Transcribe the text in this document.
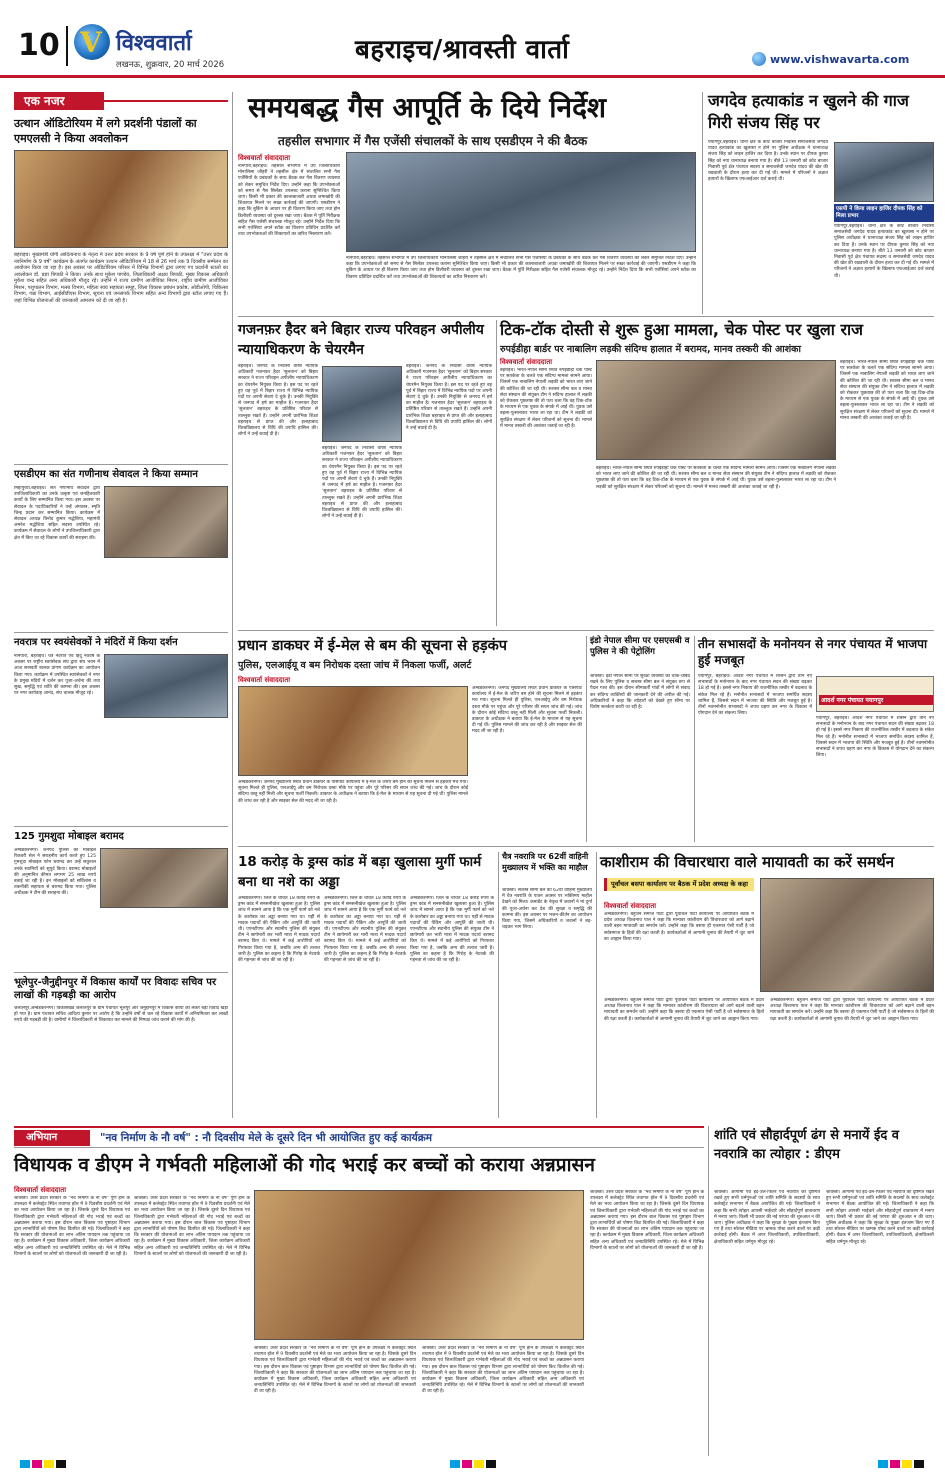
10 V विश्ववार्ता
लखनऊ, शुक्रवार, 20 मार्च 2026	बहराइच/श्रावस्ती वार्ता	www.vishwavarta.com
एक नजर
उत्थान ऑडिटोरियम में लगे प्रदर्शनी पंडालों का एमएलसी ने किया अवलोकन
बहराइच। मुख्यमंत्री योगी आदित्यनाथ के नेतृत्व में उत्तर प्रदेश सरकार के 9 वर्ष पूर्ण होने के उपलक्ष्य में "उत्तर प्रदेश के नवनिर्माण के 9 वर्ष" कार्यक्रम के अंतर्गत कार्यक्रम उत्थान ऑडिटोरियम में 18 से 26 मार्च तक 9 दिवसीय सम्मेलन का आयोजन किया जा रहा है। इस अवसर पर ऑडिटोरियम परिसर में विभिन्न विभागों द्वारा लगाए गए प्रदर्शनी स्टालों का अवलोकन डॉ. प्रज्ञा त्रिपाठी ने किया। उनके साथ मुकेश पाण्डेय, जिलाधिकारी अक्षय त्रिपाठी, मुख्य विकास अधिकारी मुकेश चन्द्र सहित अन्य अधिकारी मौजूद रहे। उन्होंने मे राज्य ग्रामीण आजीविका मिशन, राष्ट्रीय ग्रामीण आजीविका मिशन, पशुपालन विभाग, मत्स्य विभाग, महिला स्वयं सहायता समूह, जिला विकास प्रबंधन प्रकोष्ठ, ओडीओपी, चिकित्सा विभाग, गन्ना विभाग, आईसीडीएस विभाग, सूचना एवं जनसंपर्क विभाग सहित अन्य विभागों द्वारा स्टॉल लगाए गए हैं। जहां विभिन्न योजनाओं की जानकारी आमजन को दी जा रही है।
एसडीएम का संत गणीनाथ सेवादल ने किया सम्मान
मिहीपुरवा,बहराइच। संत गणीनाथ सेवादल द्वारा उपजिलाधिकारी का उनके उत्कृष्ट एवं जनहितकारी कार्यों के लिए सम्मानित किया गया। इस अवसर पर सेवादल के पदाधिकारियों ने उन्हें अंगवस्त्र, स्मृति चिन्ह प्रदान कर सम्मानित किया। कार्यक्रम में सेवादल अध्यक्ष विनोद कुमार मद्धेशिया, महामंत्री अमरेश मद्धेशिया सहित सदस्य उपस्थित रहे। कार्यक्रम में सेवादल के लोगों ने उपजिलाधिकारी द्वारा क्षेत्र में किए जा रहे विकास कार्यों की सराहना की।
नवरात्र पर स्वयंसेवकों ने मंदिरों में किया दर्शन
नानपारा, बहराइच। चैत्र नवरात्र एवं हिंदू नववर्ष के अवसर पर राष्ट्रीय स्वयंसेवक संघ द्वारा संघ भवन में आज सरस्वती बालक प्रांगण कार्यक्रम का आयोजन किया गया। कार्यक्रम में उपस्थित स्वयंसेवकों ने नगर के प्रमुख मंदिरों में दर्शन कर पूजा-अर्चना की तथा सुख, समृद्धि एवं शांति की कामना की। इस अवसर पर नगर कार्यवाह आनंद, संघ चालक मौजूद रहे।
125 गुमशुदा मोबाइल बरामद
अम्बेडकरनगर। जनपद पुलिस की मोबाइल रिकवरी सेल ने सराहनीय कार्य करते हुए 125 गुमशुदा मोबाइल फोन बरामद कर उन्हें सकुशल उनके स्वामियों को सुपुर्द किया। बरामद मोबाइलों की अनुमानित कीमत लगभग 25 लाख रुपये बताई जा रही है। इन मोबाइलों को सर्विलांस व तकनीकी सहायता से बरामद किया गया। पुलिस अधीक्षक ने टीम की सराहना की।
भूलेपुर-जैनुद्दीनपुर में विकास कार्यों पर विवादः सचिव पर लाखों की गड़बड़ी का आरोप
जलालपुर,अम्बेडकरनगर। विकासखंड जलालपुर के ग्राम पंचायत भूलेपुर और जैनुद्दीनपुर में विकास कार्यों को लेकर बड़ा विवाद खड़ा हो गया है। ग्राम पंचायत सचिव आदित्य कुमार पर आरोप है कि उन्होंने वर्षों से चल रहे विकास कार्यों में अनियमितता कर लाखों रुपये की गड़बड़ी की है। ग्रामीणों ने जिलाधिकारी से शिकायत कर मामले की निष्पक्ष जांच कराने की मांग की है।
समयबद्ध गैस आपूर्ति के दिये निर्देश
तहसील सभागार में गैस एजेंसी संचालकों के साथ एसडीएम ने की बैठक
विश्ववार्ता संवाददाता
नानपारा,बहराइच। तहसील सभागार में उप जिलाधिकारी मोनालिसा जौहरी ने तहसील क्षेत्र में संचालित सभी गैस एजेंसियों के प्रबंधकों के साथ बैठक कर गैस वितरण व्यवस्था को लेकर समुचित निर्देश दिए। उन्होंने कहा कि उपभोक्ताओं को समय से गैस सिलेंडर उपलब्ध कराना सुनिश्चित किया जाए। किसी भी प्रकार की कालाबाजारी अथवा जमाखोरी की शिकायत मिलने पर सख्त कार्रवाई की जाएगी। एसडीएम ने कहा कि बुकिंग के आधार पर ही वितरण किया जाए तथा होम डिलीवरी व्यवस्था को दुरुस्त रखा जाए। बैठक में पूर्ति निरीक्षक सहित गैस एजेंसी संचालक मौजूद रहे। उन्होंने निर्देश दिया कि सभी एजेंसियां अपने स्टॉक का विवरण प्रतिदिन प्रदर्शित करें तथा उपभोक्ताओं की शिकायतों का त्वरित निस्तारण करें।
नानपारा,बहराइच। तहसील सभागार में उप जिलाधिकारी मोनालिसा जौहरी ने तहसील क्षेत्र में संचालित सभी गैस एजेंसियों के प्रबंधकों के साथ बैठक कर गैस वितरण व्यवस्था को लेकर समुचित निर्देश दिए। उन्होंने कहा कि उपभोक्ताओं को समय से गैस सिलेंडर उपलब्ध कराना सुनिश्चित किया जाए। किसी भी प्रकार की कालाबाजारी अथवा जमाखोरी की शिकायत मिलने पर सख्त कार्रवाई की जाएगी। एसडीएम ने कहा कि बुकिंग के आधार पर ही वितरण किया जाए तथा होम डिलीवरी व्यवस्था को दुरुस्त रखा जाए। बैठक में पूर्ति निरीक्षक सहित गैस एजेंसी संचालक मौजूद रहे। उन्होंने निर्देश दिया कि सभी एजेंसियां अपने स्टॉक का विवरण प्रतिदिन प्रदर्शित करें तथा उपभोक्ताओं की शिकायतों का त्वरित निस्तारण करें।
जगदेव हत्याकांड न खुलने की गाज गिरी संजय सिंह पर
पयागपुर,बहराइच। थाना क्षेत्र के कोट बाजार निवासी समाजसेवी जगदेव यादव हत्याकांड का खुलासा न होने पर पुलिस अधीक्षक ने थानाध्यक्ष संजय सिंह को लाइन हाजिर कर दिया है। उनके स्थान पर दीपक कुमार सिंह को नया थानाध्यक्ष बनाया गया है। बीते 13 जनवरी को कोट बाजार निवासी पूर्व क्षेत्र पंचायत सदस्य व समाजसेवी जगदेव यादव की खेत की रखवाली के दौरान हत्या कर दी गई थी। मामले में परिजनों ने अज्ञात हत्यारों के खिलाफ एफआईआर दर्ज कराई थी।
एसपी ने किया लाइन हाजिर दीपक सिंह को मिला प्रभार
पयागपुर,बहराइच। थाना क्षेत्र के कोट बाजार निवासी समाजसेवी जगदेव यादव हत्याकांड का खुलासा न होने पर पुलिस अधीक्षक ने थानाध्यक्ष संजय सिंह को लाइन हाजिर कर दिया है। उनके स्थान पर दीपक कुमार सिंह को नया थानाध्यक्ष बनाया गया है। बीते 13 जनवरी को कोट बाजार निवासी पूर्व क्षेत्र पंचायत सदस्य व समाजसेवी जगदेव यादव की खेत की रखवाली के दौरान हत्या कर दी गई थी। मामले में परिजनों ने अज्ञात हत्यारों के खिलाफ एफआईआर दर्ज कराई थी।
गजनफ़र हैदर बने बिहार राज्य परिवहन अपीलीय न्यायाधिकरण के चेयरमैन
बहराइच। जनपद के निवासी वरिष्ठ न्यायिक अधिकारी गजनफ़र हैदर 'सुलतान' को बिहार सरकार ने राज्य परिवहन अपीलीय न्यायाधिकरण का चेयरमैन नियुक्त किया है। इस पद पर रहते हुए वह पूर्व में बिहार राज्य में विभिन्न न्यायिक पदों पर अपनी सेवाएं दे चुके हैं। उनकी नियुक्ति से जनपद में हर्ष का माहौल है। गजनफ़र हैदर 'सुलतान' बहराइच के प्रतिष्ठित परिवार से ताल्लुक रखते हैं। उन्होंने अपनी प्रारंभिक शिक्षा बहराइच से प्राप्त की और इलाहाबाद विश्वविद्यालय से विधि की उपाधि हासिल की। लोगों ने उन्हें बधाई दी है।
बहराइच। जनपद के निवासी वरिष्ठ न्यायिक अधिकारी गजनफ़र हैदर 'सुलतान' को बिहार सरकार ने राज्य परिवहन अपीलीय न्यायाधिकरण का चेयरमैन नियुक्त किया है। इस पद पर रहते हुए वह पूर्व में बिहार राज्य में विभिन्न न्यायिक पदों पर अपनी सेवाएं दे चुके हैं। उनकी नियुक्ति से जनपद में हर्ष का माहौल है। गजनफ़र हैदर 'सुलतान' बहराइच के प्रतिष्ठित परिवार से ताल्लुक रखते हैं। उन्होंने अपनी प्रारंभिक शिक्षा बहराइच से प्राप्त की और इलाहाबाद विश्वविद्यालय से विधि की उपाधि हासिल की। लोगों ने उन्हें बधाई दी है।
बहराइच। जनपद के निवासी वरिष्ठ न्यायिक अधिकारी गजनफ़र हैदर 'सुलतान' को बिहार सरकार ने राज्य परिवहन अपीलीय न्यायाधिकरण का चेयरमैन नियुक्त किया है। इस पद पर रहते हुए वह पूर्व में बिहार राज्य में विभिन्न न्यायिक पदों पर अपनी सेवाएं दे चुके हैं। उनकी नियुक्ति से जनपद में हर्ष का माहौल है। गजनफ़र हैदर 'सुलतान' बहराइच के प्रतिष्ठित परिवार से ताल्लुक रखते हैं। उन्होंने अपनी प्रारंभिक शिक्षा बहराइच से प्राप्त की और इलाहाबाद विश्वविद्यालय से विधि की उपाधि हासिल की। लोगों ने उन्हें बधाई दी है।
टिक-टॉक दोस्ती से शुरू हुआ मामला, चेक पोस्ट पर खुला राज
रुपईडीहा बार्डर पर नाबालिग लड़की संदिग्ध हालात में बरामद, मानव तस्करी की आशंका
विश्ववार्ता संवाददाता
बहराइच। भारत-नेपाल सीमा स्थित रुपईडीहा चेक पोस्ट पर सतर्कता के चलते एक संदिग्ध मामला सामने आया। जिसमें एक नाबालिग नेपाली लड़की को भारत लाए जाने की कोशिश की जा रही थी। सशस्त्र सीमा बल व मानव सेवा संस्थान की संयुक्त टीम ने संदिग्ध हालात में लड़की को रोककर पूछताछ की तो पता चला कि वह टिक-टॉक के माध्यम से एक युवक के संपर्क में आई थी। युवक उसे बहला-फुसलाकर भारत ला रहा था। टीम ने लड़की को सुरक्षित संरक्षण में लेकर परिजनों को सूचना दी। मामले में मानव तस्करी की आशंका जताई जा रही है।
बहराइच। भारत-नेपाल सीमा स्थित रुपईडीहा चेक पोस्ट पर सतर्कता के चलते एक संदिग्ध मामला सामने आया। जिसमें एक नाबालिग नेपाली लड़की को भारत लाए जाने की कोशिश की जा रही थी। सशस्त्र सीमा बल व मानव सेवा संस्थान की संयुक्त टीम ने संदिग्ध हालात में लड़की को रोककर पूछताछ की तो पता चला कि वह टिक-टॉक के माध्यम से एक युवक के संपर्क में आई थी। युवक उसे बहला-फुसलाकर भारत ला रहा था। टीम ने लड़की को सुरक्षित संरक्षण में लेकर परिजनों को सूचना दी। मामले में मानव तस्करी की आशंका जताई जा रही है।
बहराइच। भारत-नेपाल सीमा स्थित रुपईडीहा चेक पोस्ट पर सतर्कता के चलते एक संदिग्ध मामला सामने आया। जिसमें एक नाबालिग नेपाली लड़की को भारत लाए जाने की कोशिश की जा रही थी। सशस्त्र सीमा बल व मानव सेवा संस्थान की संयुक्त टीम ने संदिग्ध हालात में लड़की को रोककर पूछताछ की तो पता चला कि वह टिक-टॉक के माध्यम से एक युवक के संपर्क में आई थी। युवक उसे बहला-फुसलाकर भारत ला रहा था। टीम ने लड़की को सुरक्षित संरक्षण में लेकर परिजनों को सूचना दी। मामले में मानव तस्करी की आशंका जताई जा रही है।
प्रधान डाकघर में ई-मेल से बम की सूचना से हड़कंप
पुलिस, एलआईयू व बम निरोधक दस्ता जांच में निकला फर्जी, अलर्ट
विश्ववार्ता संवाददाता
अम्बेडकरनगर। जनपद मुख्यालय स्थित प्रधान डाकघर के पासपोर्ट कार्यालय में ई-मेल के जरिए बम होने की सूचना मिलने से हड़कंप मच गया। सूचना मिलते ही पुलिस, एलआईयू और बम निरोधक दस्ता मौके पर पहुंचा और पूरे परिसर की सघन जांच की गई। जांच के दौरान कोई संदिग्ध वस्तु नहीं मिली और सूचना फर्जी निकली। डाकघर के अधीक्षक ने बताया कि ई-मेल के माध्यम से यह सूचना दी गई थी। पुलिस मामले की जांच कर रही है और साइबर सेल की मदद ली जा रही है।
अम्बेडकरनगर। जनपद मुख्यालय स्थित प्रधान डाकघर के पासपोर्ट कार्यालय में ई-मेल के जरिए बम होने की सूचना मिलने से हड़कंप मच गया। सूचना मिलते ही पुलिस, एलआईयू और बम निरोधक दस्ता मौके पर पहुंचा और पूरे परिसर की सघन जांच की गई। जांच के दौरान कोई संदिग्ध वस्तु नहीं मिली और सूचना फर्जी निकली। डाकघर के अधीक्षक ने बताया कि ई-मेल के माध्यम से यह सूचना दी गई थी। पुलिस मामले की जांच कर रही है और साइबर सेल की मदद ली जा रही है।
इंडो नेपाल सीमा पर एसएसबी व पुलिस ने की पेट्रोलिंग
श्रावस्ती। इंडो नेपाल सीमा पर सुरक्षा व्यवस्था को चाक-चौबंद रखने के लिए पुलिस व सशस्त्र सीमा बल ने संयुक्त रूप से पैदल गश्त की। इस दौरान सीमावर्ती गांवों में लोगों से संवाद कर संदिग्ध व्यक्तियों की जानकारी देने की अपील की गई। अधिकारियों ने कहा कि त्योहारों को देखते हुए सीमा पर विशेष सतर्कता बरती जा रही है।
तीन सभासदों के मनोनयन से नगर पंचायत में भाजपा हुई मजबूत
पयागपुर, बहराइच। आदर्श नगर पंचायत में शासन द्वारा तीन नए सभासदों के मनोनयन के बाद नगर पंचायत सदन की संख्या बढ़कर 18 हो गई है। इससे नगर निकाय की राजनीतिक तस्वीर में बदलाव के संकेत मिल रहे हैं। मनोनीत सभासदों में भाजपा समर्थित सदस्य शामिल हैं, जिससे सदन में भाजपा की स्थिति और मजबूत हुई है। तीनों नवमनोनीत सभासदों ने शपथ ग्रहण कर नगर के विकास में योगदान देने का संकल्प लिया।
आदर्श नगर पंचायत पयागपुर
पयागपुर, बहराइच। आदर्श नगर पंचायत में शासन द्वारा तीन नए सभासदों के मनोनयन के बाद नगर पंचायत सदन की संख्या बढ़कर 18 हो गई है। इससे नगर निकाय की राजनीतिक तस्वीर में बदलाव के संकेत मिल रहे हैं। मनोनीत सभासदों में भाजपा समर्थित सदस्य शामिल हैं, जिससे सदन में भाजपा की स्थिति और मजबूत हुई है। तीनों नवमनोनीत सभासदों ने शपथ ग्रहण कर नगर के विकास में योगदान देने का संकल्प लिया।
18 करोड़ के ड्रग्स कांड में बड़ा खुलासा मुर्गी फार्म बना था नशे का अड्डा
अम्बेडकरनगर। जिले के चर्चित 18 करोड़ रुपये के ड्रग्स कांड में सनसनीखेज खुलासा हुआ है। पुलिस जांच में सामने आया है कि एक मुर्गी फार्म को नशे के कारोबार का अड्डा बनाया गया था। यहीं से मादक पदार्थों की पैकिंग और आपूर्ति की जाती थी। एएनटीएफ और स्थानीय पुलिस की संयुक्त टीम ने छापेमारी कर भारी मात्रा में मादक पदार्थ बरामद किए थे। मामले में कई आरोपियों को गिरफ्तार किया गया है, जबकि अन्य की तलाश जारी है। पुलिस का कहना है कि गिरोह के नेटवर्क की गहनता से जांच की जा रही है।
अम्बेडकरनगर। जिले के चर्चित 18 करोड़ रुपये के ड्रग्स कांड में सनसनीखेज खुलासा हुआ है। पुलिस जांच में सामने आया है कि एक मुर्गी फार्म को नशे के कारोबार का अड्डा बनाया गया था। यहीं से मादक पदार्थों की पैकिंग और आपूर्ति की जाती थी। एएनटीएफ और स्थानीय पुलिस की संयुक्त टीम ने छापेमारी कर भारी मात्रा में मादक पदार्थ बरामद किए थे। मामले में कई आरोपियों को गिरफ्तार किया गया है, जबकि अन्य की तलाश जारी है। पुलिस का कहना है कि गिरोह के नेटवर्क की गहनता से जांच की जा रही है।
अम्बेडकरनगर। जिले के चर्चित 18 करोड़ रुपये के ड्रग्स कांड में सनसनीखेज खुलासा हुआ है। पुलिस जांच में सामने आया है कि एक मुर्गी फार्म को नशे के कारोबार का अड्डा बनाया गया था। यहीं से मादक पदार्थों की पैकिंग और आपूर्ति की जाती थी। एएनटीएफ और स्थानीय पुलिस की संयुक्त टीम ने छापेमारी कर भारी मात्रा में मादक पदार्थ बरामद किए थे। मामले में कई आरोपियों को गिरफ्तार किया गया है, जबकि अन्य की तलाश जारी है। पुलिस का कहना है कि गिरोह के नेटवर्क की गहनता से जांच की जा रही है।
चैत्र नवरात्रि पर 62वीं वाहिनी मुख्यालय में भक्ति का माहौल
श्रावस्ती। सशस्त्र सीमा बल की 62वीं वाहिनी मुख्यालय में चैत्र नवरात्रि के पावन अवसर पर भक्तिमय माहौल देखने को मिला। कमांडेंट के नेतृत्व में जवानों ने मां दुर्गा की पूजा-अर्चना कर देश की सुरक्षा व समृद्धि की कामना की। इस अवसर पर भजन-कीर्तन का आयोजन किया गया, जिसमें अधिकारियों व जवानों ने बढ़-चढ़कर भाग लिया।
काशीराम की विचारधारा वाले मायावती का करें समर्थन
पूर्वांचल बसपा कार्यालय पर बैठक में प्रदेश अध्यक्ष के कहा
विश्ववार्ता संवाददाता
अम्बेडकरनगर। बहुजन समाज पार्टी द्वारा पूर्वांचल पार्टी कार्यालय पर आयोजित बैठक में प्रदेश अध्यक्ष विश्वनाथ पाल ने कहा कि मान्यवर कांशीराम की विचारधारा को आगे बढ़ाने वाली बहन मायावती का समर्थन करें। उन्होंने कहा कि बसपा ही एकमात्र ऐसी पार्टी है जो सर्वसमाज के हितों की रक्षा करती है। कार्यकर्ताओं से आगामी चुनाव की तैयारी में जुट जाने का आह्वान किया गया।
अम्बेडकरनगर। बहुजन समाज पार्टी द्वारा पूर्वांचल पार्टी कार्यालय पर आयोजित बैठक में प्रदेश अध्यक्ष विश्वनाथ पाल ने कहा कि मान्यवर कांशीराम की विचारधारा को आगे बढ़ाने वाली बहन मायावती का समर्थन करें। उन्होंने कहा कि बसपा ही एकमात्र ऐसी पार्टी है जो सर्वसमाज के हितों की रक्षा करती है। कार्यकर्ताओं से आगामी चुनाव की तैयारी में जुट जाने का आह्वान किया गया।
अम्बेडकरनगर। बहुजन समाज पार्टी द्वारा पूर्वांचल पार्टी कार्यालय पर आयोजित बैठक में प्रदेश अध्यक्ष विश्वनाथ पाल ने कहा कि मान्यवर कांशीराम की विचारधारा को आगे बढ़ाने वाली बहन मायावती का समर्थन करें। उन्होंने कहा कि बसपा ही एकमात्र ऐसी पार्टी है जो सर्वसमाज के हितों की रक्षा करती है। कार्यकर्ताओं से आगामी चुनाव की तैयारी में जुट जाने का आह्वान किया गया।
अभियान	"नव निर्माण के नौ वर्ष" : नौ दिवसीय मेले के दूसरे दिन भी आयोजित हुए कई कार्यक्रम
विधायक व डीएम ने गर्भवती महिलाओं की गोद भराई कर बच्चों को कराया अन्नप्रासन
विश्ववार्ता संवाददाता
श्रावस्ती। उत्तर प्रदेश सरकार के "नव निर्माण के नौ वर्ष" पूर्ण होने के उपलक्ष्य में कलेक्ट्रेट स्थित तथागत हॉल में 9 दिवसीय प्रदर्शनी एवं मेले का भव्य आयोजन किया जा रहा है। जिसके दूसरे दिन विधायक एवं जिलाधिकारी द्वारा गर्भवती महिलाओं की गोद भराई एवं बच्चों का अन्नप्रासन कराया गया। इस दौरान बाल विकास एवं पुष्टाहार विभाग द्वारा लाभार्थियों को पोषण किट वितरित की गई। जिलाधिकारी ने कहा कि सरकार की योजनाओं का लाभ अंतिम पायदान तक पहुंचाया जा रहा है। कार्यक्रम में मुख्य विकास अधिकारी, जिला कार्यक्रम अधिकारी सहित अन्य अधिकारी एवं जनप्रतिनिधि उपस्थित रहे। मेले में विभिन्न विभागों के स्टालों पर लोगों को योजनाओं की जानकारी दी जा रही है।
श्रावस्ती। उत्तर प्रदेश सरकार के "नव निर्माण के नौ वर्ष" पूर्ण होने के उपलक्ष्य में कलेक्ट्रेट स्थित तथागत हॉल में 9 दिवसीय प्रदर्शनी एवं मेले का भव्य आयोजन किया जा रहा है। जिसके दूसरे दिन विधायक एवं जिलाधिकारी द्वारा गर्भवती महिलाओं की गोद भराई एवं बच्चों का अन्नप्रासन कराया गया। इस दौरान बाल विकास एवं पुष्टाहार विभाग द्वारा लाभार्थियों को पोषण किट वितरित की गई। जिलाधिकारी ने कहा कि सरकार की योजनाओं का लाभ अंतिम पायदान तक पहुंचाया जा रहा है। कार्यक्रम में मुख्य विकास अधिकारी, जिला कार्यक्रम अधिकारी सहित अन्य अधिकारी एवं जनप्रतिनिधि उपस्थित रहे। मेले में विभिन्न विभागों के स्टालों पर लोगों को योजनाओं की जानकारी दी जा रही है।
श्रावस्ती। उत्तर प्रदेश सरकार के "नव निर्माण के नौ वर्ष" पूर्ण होने के उपलक्ष्य में कलेक्ट्रेट स्थित तथागत हॉल में 9 दिवसीय प्रदर्शनी एवं मेले का भव्य आयोजन किया जा रहा है। जिसके दूसरे दिन विधायक एवं जिलाधिकारी द्वारा गर्भवती महिलाओं की गोद भराई एवं बच्चों का अन्नप्रासन कराया गया। इस दौरान बाल विकास एवं पुष्टाहार विभाग द्वारा लाभार्थियों को पोषण किट वितरित की गई। जिलाधिकारी ने कहा कि सरकार की योजनाओं का लाभ अंतिम पायदान तक पहुंचाया जा रहा है। कार्यक्रम में मुख्य विकास अधिकारी, जिला कार्यक्रम अधिकारी सहित अन्य अधिकारी एवं जनप्रतिनिधि उपस्थित रहे। मेले में विभिन्न विभागों के स्टालों पर लोगों को योजनाओं की जानकारी दी जा रही है।
श्रावस्ती। उत्तर प्रदेश सरकार के "नव निर्माण के नौ वर्ष" पूर्ण होने के उपलक्ष्य में कलेक्ट्रेट स्थित तथागत हॉल में 9 दिवसीय प्रदर्शनी एवं मेले का भव्य आयोजन किया जा रहा है। जिसके दूसरे दिन विधायक एवं जिलाधिकारी द्वारा गर्भवती महिलाओं की गोद भराई एवं बच्चों का अन्नप्रासन कराया गया। इस दौरान बाल विकास एवं पुष्टाहार विभाग द्वारा लाभार्थियों को पोषण किट वितरित की गई। जिलाधिकारी ने कहा कि सरकार की योजनाओं का लाभ अंतिम पायदान तक पहुंचाया जा रहा है। कार्यक्रम में मुख्य विकास अधिकारी, जिला कार्यक्रम अधिकारी सहित अन्य अधिकारी एवं जनप्रतिनिधि उपस्थित रहे। मेले में विभिन्न विभागों के स्टालों पर लोगों को योजनाओं की जानकारी दी जा रही है।
श्रावस्ती। उत्तर प्रदेश सरकार के "नव निर्माण के नौ वर्ष" पूर्ण होने के उपलक्ष्य में कलेक्ट्रेट स्थित तथागत हॉल में 9 दिवसीय प्रदर्शनी एवं मेले का भव्य आयोजन किया जा रहा है। जिसके दूसरे दिन विधायक एवं जिलाधिकारी द्वारा गर्भवती महिलाओं की गोद भराई एवं बच्चों का अन्नप्रासन कराया गया। इस दौरान बाल विकास एवं पुष्टाहार विभाग द्वारा लाभार्थियों को पोषण किट वितरित की गई। जिलाधिकारी ने कहा कि सरकार की योजनाओं का लाभ अंतिम पायदान तक पहुंचाया जा रहा है। कार्यक्रम में मुख्य विकास अधिकारी, जिला कार्यक्रम अधिकारी सहित अन्य अधिकारी एवं जनप्रतिनिधि उपस्थित रहे। मेले में विभिन्न विभागों के स्टालों पर लोगों को योजनाओं की जानकारी दी जा रही है।
शांति एवं सौहार्दपूर्ण ढंग से मनायें ईद व नवरात्रि का त्योहार : डीएम
श्रावस्ती। आगामी पर्व ईद-उल-फितर एवं नवरात्रि को दृष्टिगत रखते हुए सभी धर्मगुरुओं एवं शांति समिति के सदस्यों के साथ कलेक्ट्रेट सभागार में बैठक आयोजित की गई। जिलाधिकारी ने कहा कि सभी त्योहार आपसी भाईचारे और सौहार्दपूर्ण वातावरण में मनाए जाएं। किसी भी प्रकार की नई परंपरा की शुरुआत न की जाए। पुलिस अधीक्षक ने कहा कि सुरक्षा के पुख्ता इंतजाम किए गए हैं तथा सोशल मीडिया पर भ्रामक पोस्ट करने वालों पर कड़ी कार्रवाई होगी। बैठक में अपर जिलाधिकारी, उपजिलाधिकारी, क्षेत्राधिकारी सहित धर्मगुरु मौजूद रहे।
श्रावस्ती। आगामी पर्व ईद-उल-फितर एवं नवरात्रि को दृष्टिगत रखते हुए सभी धर्मगुरुओं एवं शांति समिति के सदस्यों के साथ कलेक्ट्रेट सभागार में बैठक आयोजित की गई। जिलाधिकारी ने कहा कि सभी त्योहार आपसी भाईचारे और सौहार्दपूर्ण वातावरण में मनाए जाएं। किसी भी प्रकार की नई परंपरा की शुरुआत न की जाए। पुलिस अधीक्षक ने कहा कि सुरक्षा के पुख्ता इंतजाम किए गए हैं तथा सोशल मीडिया पर भ्रामक पोस्ट करने वालों पर कड़ी कार्रवाई होगी। बैठक में अपर जिलाधिकारी, उपजिलाधिकारी, क्षेत्राधिकारी सहित धर्मगुरु मौजूद रहे।
